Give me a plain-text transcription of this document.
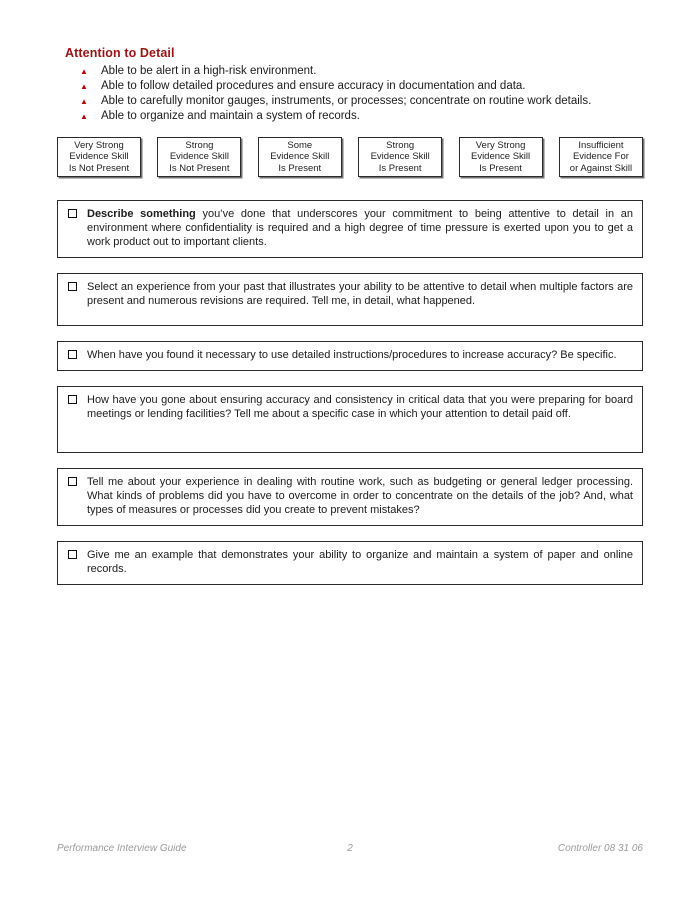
Attention to Detail
▲	Able to be alert in a high-risk environment.
▲	Able to follow detailed procedures and ensure accuracy in documentation and data.
▲	Able to carefully monitor gauges, instruments, or processes; concentrate on routine work details.
▲	Able to organize and maintain a system of records.
Very Strong
Evidence Skill
Is Not Present
Strong
Evidence Skill
Is Not Present
Some
Evidence Skill
Is Present
Strong
Evidence Skill
Is Present
Very Strong
Evidence Skill
Is Present
Insufficient
Evidence For
or Against Skill
Describe something you’ve done that underscores your commitment to being attentive to detail in an environment where confidentiality is required and a high degree of time pressure is exerted upon you to get a work product out to important clients.
Select an experience from your past that illustrates your ability to be attentive to detail when multiple factors are present and numerous revisions are required. Tell me, in detail, what happened.
When have you found it necessary to use detailed instructions/procedures to increase accuracy? Be specific.
How have you gone about ensuring accuracy and consistency in critical data that you were preparing for board meetings or lending facilities? Tell me about a specific case in which your attention to detail paid off.
Tell me about your experience in dealing with routine work, such as budgeting or general ledger processing. What kinds of problems did you have to overcome in order to concentrate on the details of the job? And, what types of measures or processes did you create to prevent mistakes?
Give me an example that demonstrates your ability to organize and maintain a system of paper and online records.
Performance Interview Guide	2	Controller 08 31 06
